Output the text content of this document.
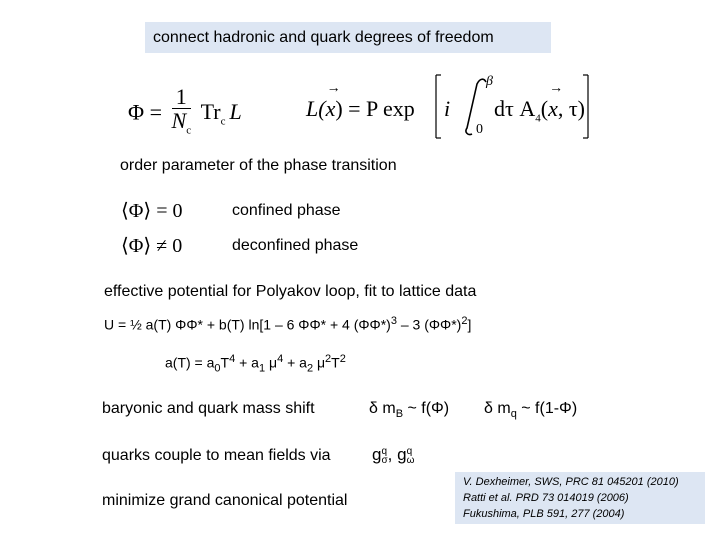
connect hadronic and quark degrees of freedom
$\Phi = \frac{1}{N_c} Tr_c$ L	L(
→
x) = P exp i
β
0
dτ $A_4$(
→
x, τ)
order parameter of the phase transition
⟨Φ⟩ = 0	confined phase
⟨Φ⟩ ≠ 0	deconfined phase
effective potential for Polyakov loop, fit to lattice data
U = ½ a(T) ΦΦ* + b(T) ln[1 – 6 ΦΦ* + 4 $(\Phi\Phi*)^3 - 3$ $(\Phi\Phi*)^2$]
$a(T) = a_0T^4 + a_1$ $\mu^4 + a_2$ $\mu^2T^2$
baryonic and quark mass shift	δ $m_B$ ~ f(Φ) δ $m_q$ ~ f(1-Φ)
quarks couple to mean fields via g q
σ , g q
ω
minimize grand canonical potential
V. Dexheimer, SWS, PRC 81 045201 (2010)
Ratti et al. PRD 73 014019 (2006)
Fukushima, PLB 591, 277 (2004)
